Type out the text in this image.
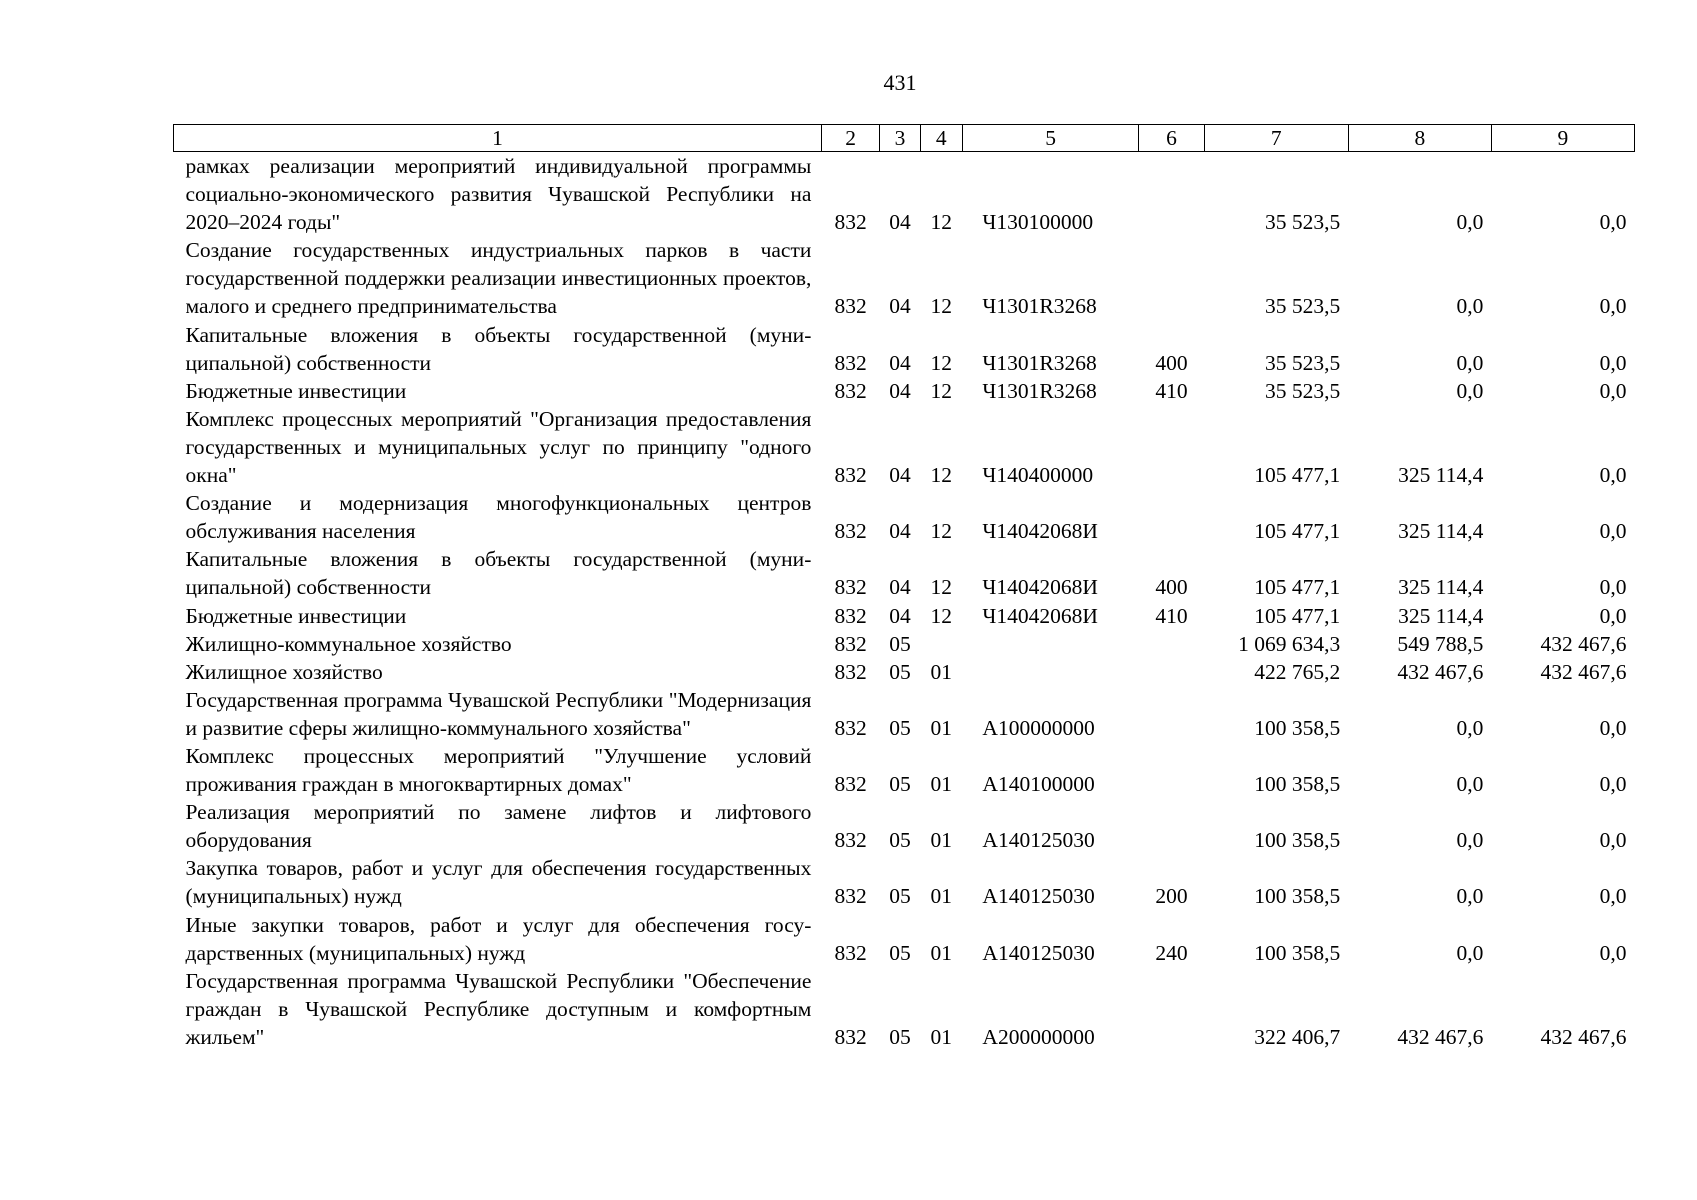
431
1	2	3	4	5	6	7	8	9
рамках реализации мероприятий индивидуальной программы социально-экономического развития Чувашской Республики на 2020–2024 годы"	832	04	12	Ч130100000		35 523,5	0,0	0,0
Создание государственных индустриальных парков в части государственной поддержки реализации инвестиционных проектов, малого и среднего предпринимательства	832	04	12	Ч1301R3268		35 523,5	0,0	0,0
Капитальные вложения в объекты государственной (муниципальной) собственности	832	04	12	Ч1301R3268	400	35 523,5	0,0	0,0
Бюджетные инвестиции	832	04	12	Ч1301R3268	410	35 523,5	0,0	0,0
Комплекс процессных мероприятий "Организация предоставления государственных и муниципальных услуг по принципу "одного окна"	832	04	12	Ч140400000		105 477,1	325 114,4	0,0
Создание и модернизация многофункциональных центров обслуживания населения	832	04	12	Ч14042068И		105 477,1	325 114,4	0,0
Капитальные вложения в объекты государственной (муниципальной) собственности	832	04	12	Ч14042068И	400	105 477,1	325 114,4	0,0
Бюджетные инвестиции	832	04	12	Ч14042068И	410	105 477,1	325 114,4	0,0
Жилищно-коммунальное хозяйство	832	05				1 069 634,3	549 788,5	432 467,6
Жилищное хозяйство	832	05	01			422 765,2	432 467,6	432 467,6
Государственная программа Чувашской Республики "Модернизация и развитие сферы жилищно-коммунального хозяйства"	832	05	01	А100000000		100 358,5	0,0	0,0
Комплекс процессных мероприятий "Улучшение условий проживания граждан в многоквартирных домах"	832	05	01	А140100000		100 358,5	0,0	0,0
Реализация мероприятий по замене лифтов и лифтового оборудования	832	05	01	А140125030		100 358,5	0,0	0,0
Закупка товаров, работ и услуг для обеспечения государственных (муниципальных) нужд	832	05	01	А140125030	200	100 358,5	0,0	0,0
Иные закупки товаров, работ и услуг для обеспечения государственных (муниципальных) нужд	832	05	01	А140125030	240	100 358,5	0,0	0,0
Государственная программа Чувашской Республики "Обеспечение граждан в Чувашской Республике доступным и комфортным жильем"	832	05	01	А200000000		322 406,7	432 467,6	432 467,6
